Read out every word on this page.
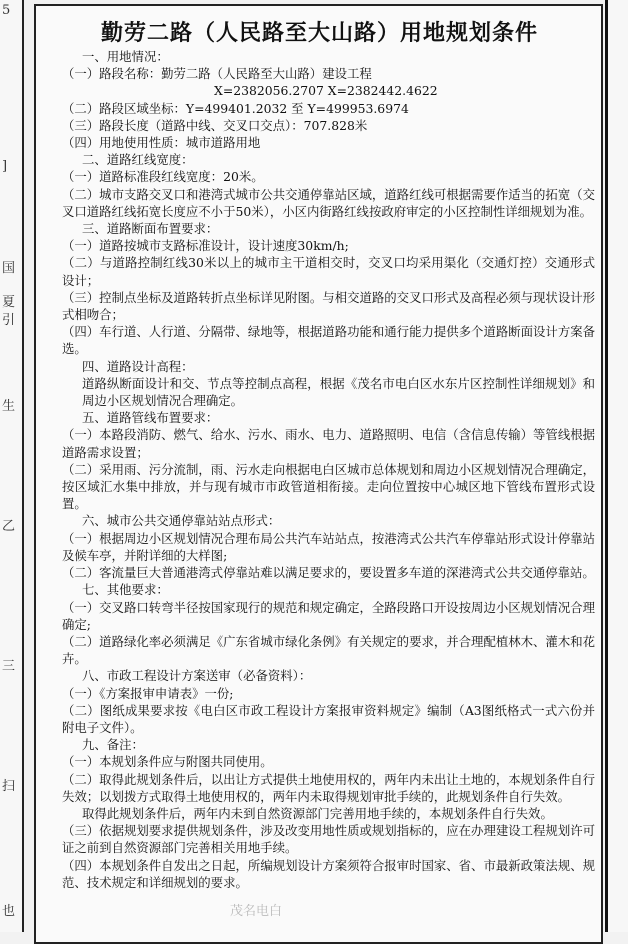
5
]
国
夏
引
生
乙
三
扫
也
勤劳二路（人民路至大山路）用地规划条件
一、用地情况：
（一）路段名称：勤劳二路（人民路至大山路）建设工程
X=2382056.2707 X=2382442.4622
（二）路段区域坐标：Y=499401.2032 至 Y=499953.6974
（三）路段长度（道路中线、交叉口交点）：707.828米
（四）用地使用性质：城市道路用地
二、道路红线宽度：
（一）道路标准段红线宽度：20米。
（二）城市支路交叉口和港湾式城市公共交通停靠站区域，道路红线可根据需要作适当的拓宽（交叉口道路红线拓宽长度应不小于50米），小区内街路红线按政府审定的小区控制性详细规划为准。
三、道路断面布置要求：
（一）道路按城市支路标准设计，设计速度30km/h;
（二）与道路控制红线30米以上的城市主干道相交时，交叉口均采用渠化（交通灯控）交通形式设计；
（三）控制点坐标及道路转折点坐标详见附图。与相交道路的交叉口形式及高程必须与现状设计形式相吻合；
（四）车行道、人行道、分隔带、绿地等，根据道路功能和通行能力提供多个道路断面设计方案备选。
四、道路设计高程：
道路纵断面设计和交、节点等控制点高程，根据《茂名市电白区水东片区控制性详细规划》和周边小区规划情况合理确定。
五、道路管线布置要求：
（一）本路段消防、燃气、给水、污水、雨水、电力、道路照明、电信（含信息传输）等管线根据道路需求设置；
（二）采用雨、污分流制，雨、污水走向根据电白区城市总体规划和周边小区规划情况合理确定，按区域汇水集中排放，并与现有城市市政管道相衔接。走向位置按中心城区地下管线布置形式设置。
六、城市公共交通停靠站站点形式：
（一）根据周边小区规划情况合理布局公共汽车站站点，按港湾式公共汽车停靠站形式设计停靠站及候车亭，并附详细的大样图;
（二）客流量巨大普通港湾式停靠站难以满足要求的，要设置多车道的深港湾式公共交通停靠站。
七、其他要求：
（一）交叉路口转弯半径按国家现行的规范和规定确定，全路段路口开设按周边小区规划情况合理确定;
（二）道路绿化率必须满足《广东省城市绿化条例》有关规定的要求，并合理配植林木、灌木和花卉。
八、市政工程设计方案送审（必备资料）：
（一）《方案报审申请表》一份;
（二）图纸成果要求按《电白区市政工程设计方案报审资料规定》编制（A3图纸格式一式六份并附电子文件）。
九、备注：
（一）本规划条件应与附图共同使用。
（二）取得此规划条件后，以出让方式提供土地使用权的，两年内未出让土地的，本规划条件自行失效；以划拨方式取得土地使用权的，两年内未取得规划审批手续的，此规划条件自行失效。
取得此规划条件后，两年内未到自然资源部门完善用地手续的，本规划条件自行失效。
（三）依据规划要求提供规划条件，涉及改变用地性质或规划指标的，应在办理建设工程规划许可证之前到自然资源部门完善相关用地手续。
（四）本规划条件自发出之日起，所编规划设计方案须符合报审时国家、省、市最新政策法规、规范、技术规定和详细规划的要求。
茂名电白
